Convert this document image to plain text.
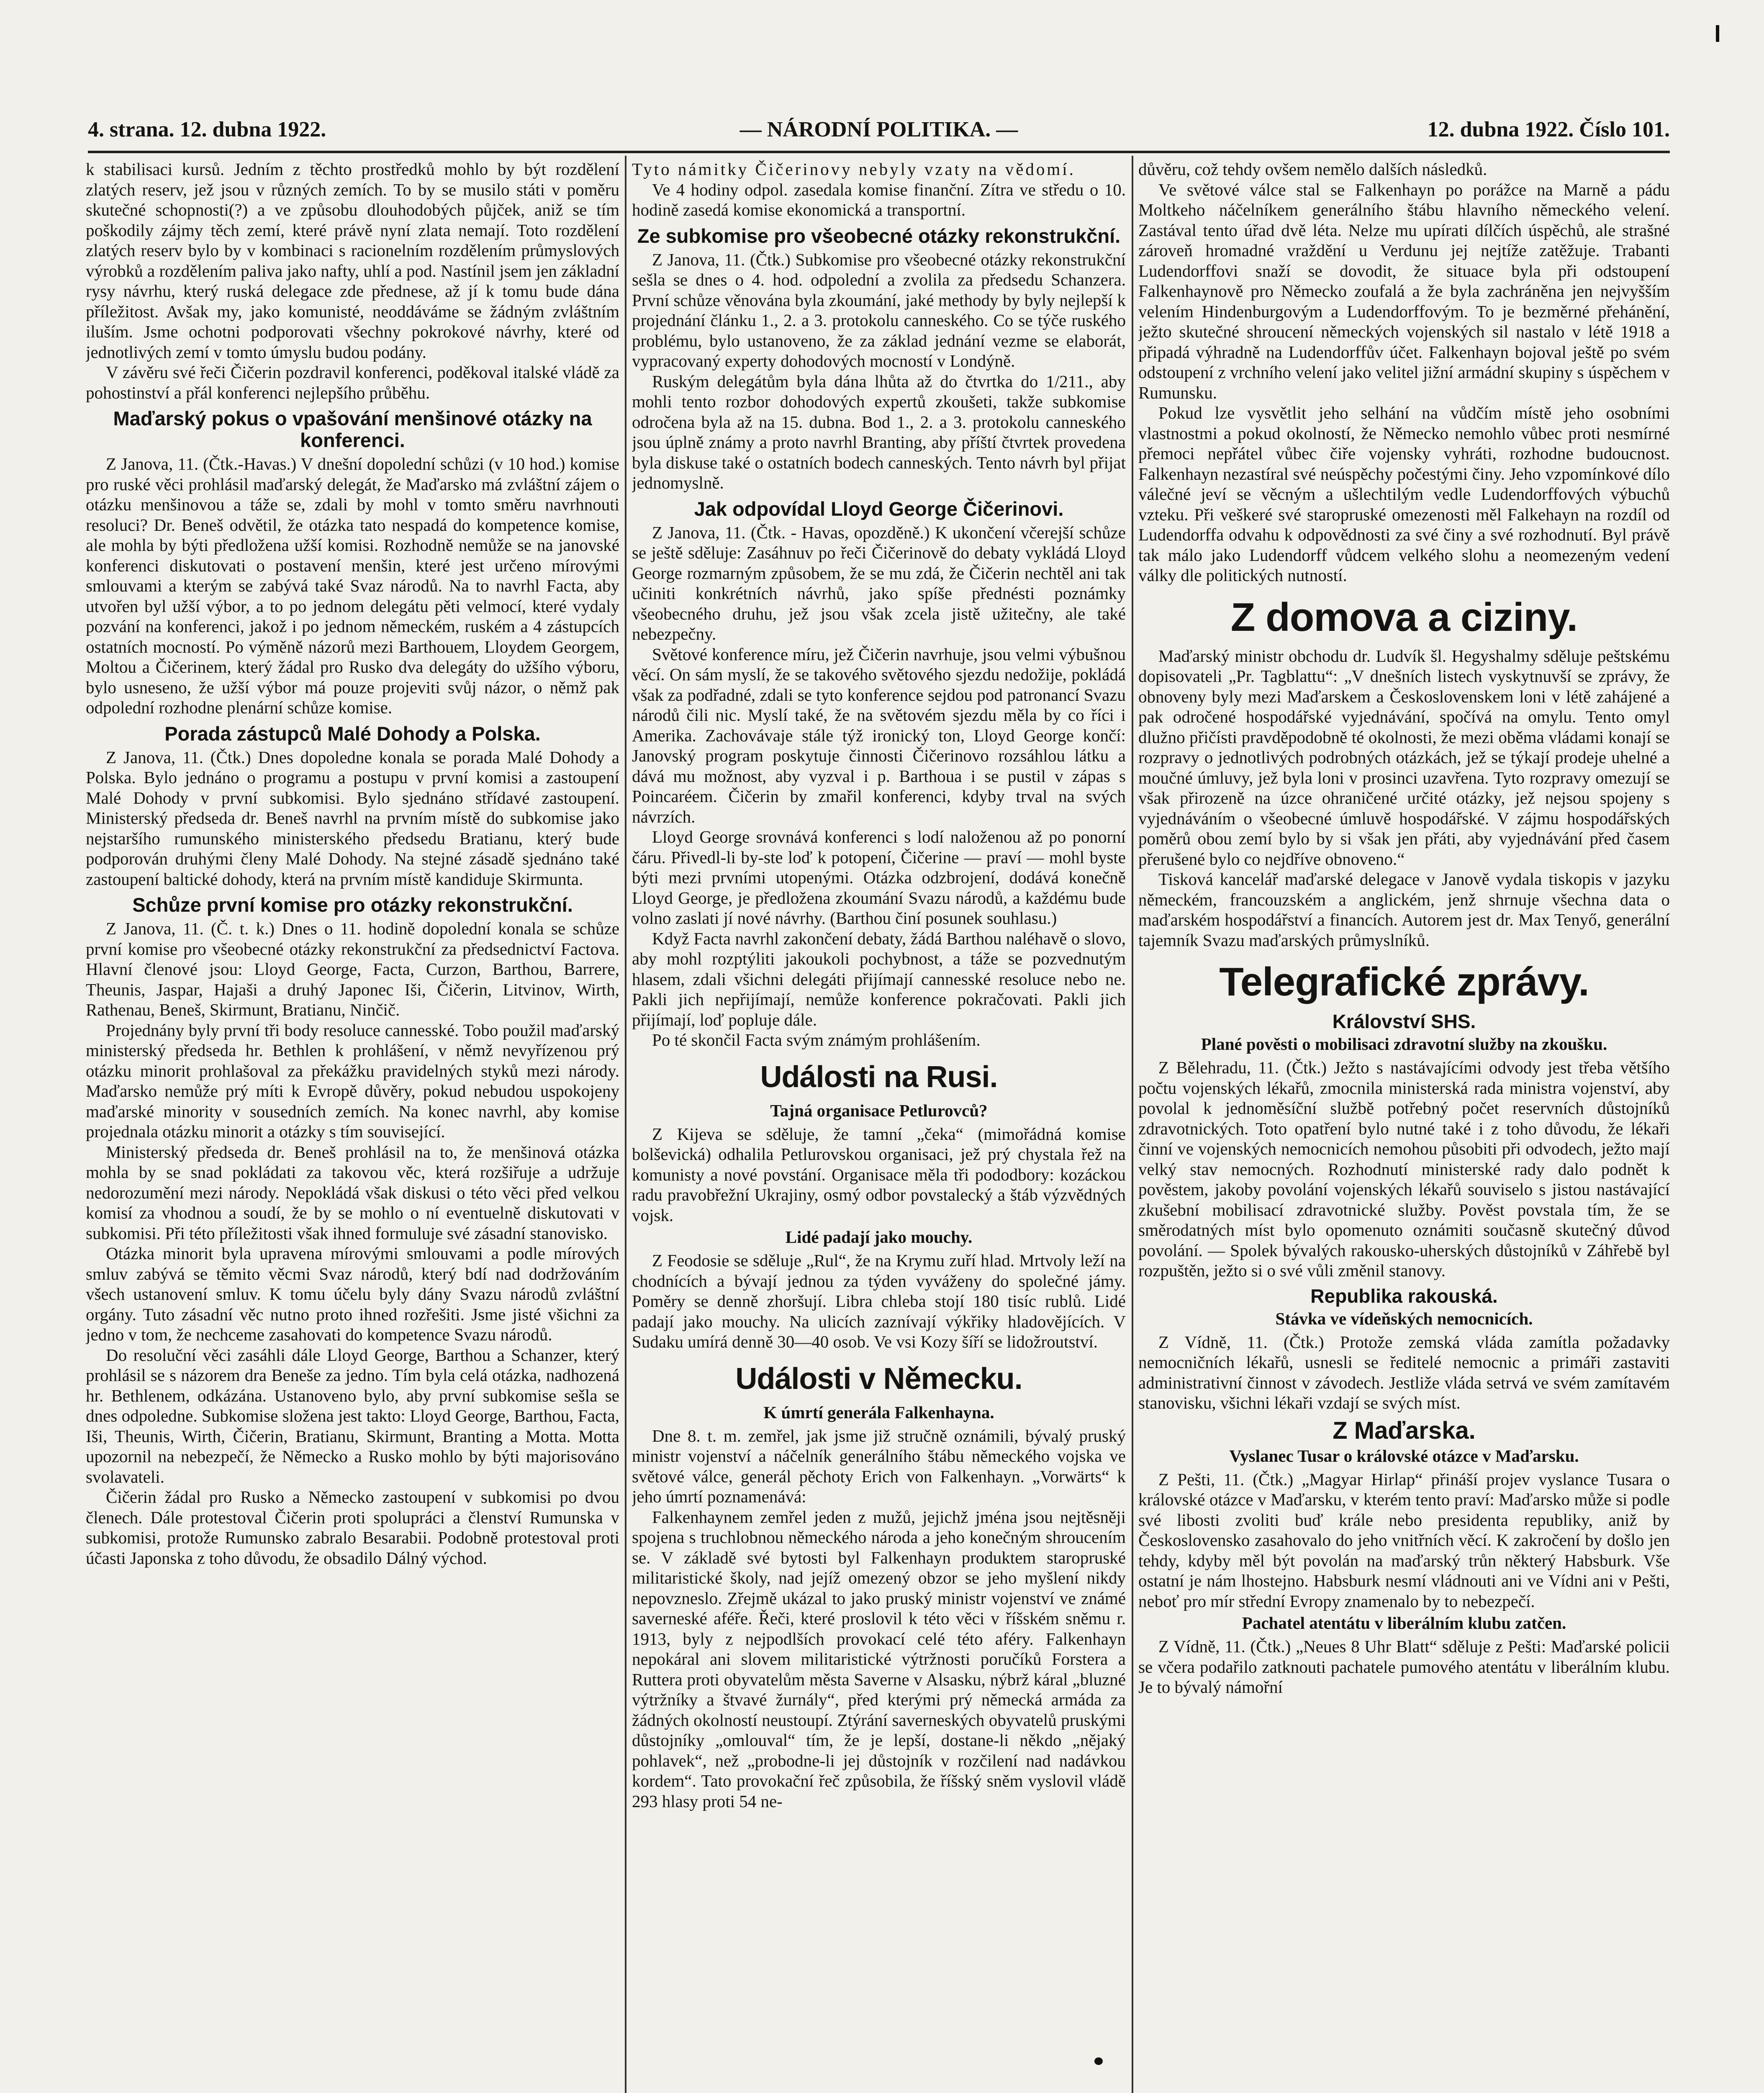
4. strana. 12. dubna 1922.	— NÁRODNÍ POLITIKA. —	12. dubna 1922. Číslo 101.

k stabilisaci kursů. Jedním z těchto prostředků mohlo by být rozdělení zlatých reserv, jež jsou v různých zemích. To by se musilo státi v poměru skutečné schopnosti(?) a ve způsobu dlouhodobých půjček, aniž se tím poškodily zájmy těch zemí, které právě nyní zlata nemají. Toto rozdělení zlatých reserv bylo by v kombinaci s racionelním rozdělením průmyslových výrobků a rozdělením paliva jako nafty, uhlí a pod. Nastínil jsem jen základní rysy návrhu, který ruská delegace zde přednese, až jí k tomu bude dána příležitost. Avšak my, jako komunisté, neoddáváme se žádným zvláštním iluším. Jsme ochotni podporovati všechny pokrokové návrhy, které od jednotlivých zemí v tomto úmyslu budou podány.

V závěru své řeči Čičerin pozdravil konferenci, poděkoval italské vládě za pohostinství a přál konferenci nejlepšího průběhu.

Maďarský pokus o vpašování menšinové otázky na konferenci.

Z Janova, 11. (Čtk.-Havas.) V dnešní dopolední schůzi (v 10 hod.) komise pro ruské věci prohlásil maďarský delegát, že Maďarsko má zvláštní zájem o otázku menšinovou a táže se, zdali by mohl v tomto směru navrhnouti resoluci? Dr. Beneš odvětil, že otázka tato nespadá do kompetence komise, ale mohla by býti předložena užší komisi. Rozhodně nemůže se na janovské konferenci diskutovati o postavení menšin, které jest určeno mírovými smlouvami a kterým se zabývá také Svaz národů. Na to navrhl Facta, aby utvořen byl užší výbor, a to po jednom delegátu pěti velmocí, které vydaly pozvání na konferenci, jakož i po jednom německém, ruském a 4 zástupcích ostatních mocností. Po výměně názorů mezi Barthouem, Lloydem Georgem, Moltou a Čičerinem, který žádal pro Rusko dva delegáty do užšího výboru, bylo usneseno, že užší výbor má pouze projeviti svůj názor, o němž pak odpolední rozhodne plenární schůze komise.

Porada zástupců Malé Dohody a Polska.

Z Janova, 11. (Čtk.) Dnes dopoledne konala se porada Malé Dohody a Polska. Bylo jednáno o programu a postupu v první komisi a zastoupení Malé Dohody v první subkomisi. Bylo sjednáno střídavé zastoupení. Ministerský předseda dr. Beneš navrhl na prvním místě do subkomise jako nejstaršího rumunského ministerského předsedu Bratianu, který bude podporován druhými členy Malé Dohody. Na stejné zásadě sjednáno také zastoupení baltické dohody, která na prvním místě kandiduje Skirmunta.

Schůze první komise pro otázky rekonstrukční.

Z Janova, 11. (Č. t. k.) Dnes o 11. hodině dopolední konala se schůze první komise pro všeobecné otázky rekonstrukční za předsednictví Factova. Hlavní členové jsou: Lloyd George, Facta, Curzon, Barthou, Barrere, Theunis, Jaspar, Hajaši a druhý Japonec Iši, Čičerin, Litvinov, Wirth, Rathenau, Beneš, Skirmunt, Bratianu, Ninčič.

Projednány byly první tři body resoluce cannesské. Tobo použil maďarský ministerský předseda hr. Bethlen k prohlášení, v němž nevyřízenou prý otázku minorit prohlašoval za překážku pravidelných styků mezi národy. Maďarsko nemůže prý míti k Evropě důvěry, pokud nebudou uspokojeny maďarské minority v sousedních zemích. Na konec navrhl, aby komise projednala otázku minorit a otázky s tím související.

Ministerský předseda dr. Beneš prohlásil na to, že menšinová otázka mohla by se snad pokládati za takovou věc, která rozšiřuje a udržuje nedorozumění mezi národy. Nepokládá však diskusi o této věci před velkou komisí za vhodnou a soudí, že by se mohlo o ní eventuelně diskutovati v subkomisi. Při této příležitosti však ihned formuluje své zásadní stanovisko.

Otázka minorit byla upravena mírovými smlouvami a podle mírových smluv zabývá se těmito věcmi Svaz národů, který bdí nad dodržováním všech ustanovení smluv. K tomu účelu byly dány Svazu národů zvláštní orgány. Tuto zásadní věc nutno proto ihned rozřešiti. Jsme jisté všichni za jedno v tom, že nechceme zasahovati do kompetence Svazu národů.

Do resoluční věci zasáhli dále Lloyd George, Barthou a Schanzer, který prohlásil se s názorem dra Beneše za jedno. Tím byla celá otázka, nadhozená hr. Bethlenem, odkázána. Ustanoveno bylo, aby první subkomise sešla se dnes odpoledne. Subkomise složena jest takto: Lloyd George, Barthou, Facta, Iši, Theunis, Wirth, Čičerin, Bratianu, Skirmunt, Branting a Motta. Motta upozornil na nebezpečí, že Německo a Rusko mohlo by býti majorisováno svolavateli.

Čičerin žádal pro Rusko a Německo zastoupení v subkomisi po dvou členech. Dále protestoval Čičerin proti spolupráci a členství Rumunska v subkomisi, protože Rumunsko zabralo Besarabii. Podobně protestoval proti účasti Japonska z toho důvodu, že obsadilo Dálný východ.

Tyto námitky Čičerinovy nebyly vzaty na vědomí.

Ve 4 hodiny odpol. zasedala komise finanční. Zítra ve středu o 10. hodině zasedá komise ekonomická a transportní.

Ze subkomise pro všeobecné otázky rekonstrukční.

Z Janova, 11. (Čtk.) Subkomise pro všeobecné otázky rekonstrukční sešla se dnes o 4. hod. odpolední a zvolila za předsedu Schanzera. První schůze věnována byla zkoumání, jaké methody by byly nejlepší k projednání článku 1., 2. a 3. protokolu canneského. Co se týče ruského problému, bylo ustanoveno, že za základ jednání vezme se elaborát, vypracovaný experty dohodových mocností v Londýně.

Ruským delegátům byla dána lhůta až do čtvrtka do 1/211., aby mohli tento rozbor dohodových expertů zkoušeti, takže subkomise odročena byla až na 15. dubna. Bod 1., 2. a 3. protokolu canneského jsou úplně známy a proto navrhl Branting, aby příští čtvrtek provedena byla diskuse také o ostatních bodech canneských. Tento návrh byl přijat jednomyslně.

Jak odpovídal Lloyd George Čičerinovi.

Z Janova, 11. (Čtk. - Havas, opozděně.) K ukončení včerejší schůze se ještě sděluje: Zasáhnuv po řeči Čičerinově do debaty vykládá Lloyd George rozmarným způsobem, že se mu zdá, že Čičerin nechtěl ani tak učiniti konkrétních návrhů, jako spíše přednésti poznámky všeobecného druhu, jež jsou však zcela jistě užitečny, ale také nebezpečny.

Světové konference míru, jež Čičerin navrhuje, jsou velmi výbušnou věcí. On sám myslí, že se takového světového sjezdu nedožije, pokládá však za podřadné, zdali se tyto konference sejdou pod patronancí Svazu národů čili nic. Myslí také, že na světovém sjezdu měla by co říci i Amerika. Zachovávaje stále týž ironický ton, Lloyd George končí: Janovský program poskytuje činnosti Čičerinovo rozsáhlou látku a dává mu možnost, aby vyzval i p. Barthoua i se pustil v zápas s Poincaréem. Čičerin by zmařil konferenci, kdyby trval na svých návrzích.

Lloyd George srovnává konferenci s lodí naloženou až po ponorní čáru. Přivedl-li by-ste loď k potopení, Čičerine — praví — mohl byste býti mezi prvními utopenými. Otázka odzbrojení, dodává konečně Lloyd George, je předložena zkoumání Svazu národů, a každému bude volno zaslati jí nové návrhy. (Barthou činí posunek souhlasu.)

Když Facta navrhl zakončení debaty, žádá Barthou naléhavě o slovo, aby mohl rozptýliti jakoukoli pochybnost, a táže se pozvednutým hlasem, zdali všichni delegáti přijímají cannesské resoluce nebo ne. Pakli jich nepřijímají, nemůže konference pokračovati. Pakli jich přijímají, loď popluje dále.

Po té skončil Facta svým známým prohlášením.

Události na Rusi.
Tajná organisace Petlurovců?

Z Kijeva se sděluje, že tamní „čeka“ (mimořádná komise bolševická) odhalila Petlurovskou organisaci, jež prý chystala řež na komunisty a nové povstání. Organisace měla tři pododbory: kozáckou radu pravobřežní Ukrajiny, osmý odbor povstalecký a štáb výzvědných vojsk.

Lidé padají jako mouchy.

Z Feodosie se sděluje „Rul“, že na Krymu zuří hlad. Mrtvoly leží na chodnících a bývají jednou za týden vyváženy do společné jámy. Poměry se denně zhoršují. Libra chleba stojí 180 tisíc rublů. Lidé padají jako mouchy. Na ulicích zaznívají výkřiky hladovějících. V Sudaku umírá denně 30—40 osob. Ve vsi Kozy šíří se lidožroutství.

Události v Německu.
K úmrtí generála Falkenhayna.

Dne 8. t. m. zemřel, jak jsme již stručně oznámili, bývalý pruský ministr vojenství a náčelník generálního štábu německého vojska ve světové válce, generál pěchoty Erich von Falkenhayn. „Vorwärts“ k jeho úmrtí poznamenává:

Falkenhaynem zemřel jeden z mužů, jejichž jména jsou nejtěsněji spojena s truchlobnou německého národa a jeho konečným shroucením se. V základě své bytosti byl Falkenhayn produktem staropruské militaristické školy, nad jejíž omezený obzor se jeho myšlení nikdy nepovzneslo. Zřejmě ukázal to jako pruský ministr vojenství ve známé saverneské aféře. Řeči, které proslovil k této věci v říšském sněmu r. 1913, byly z nejpodlších provokací celé této aféry. Falkenhayn nepokáral ani slovem militaristické výtržnosti poručíků Forstera a Ruttera proti obyvatelům města Saverne v Alsasku, nýbrž káral „bluzné výtržníky a štvavé žurnály“, před kterými prý německá armáda za žádných okolností neustoupí. Ztýrání saverneských obyvatelů pruskými důstojníky „omlouval“ tím, že je lepší, dostane-li někdo „nějaký pohlavek“, než „probodne-li jej důstojník v rozčilení nad nadávkou kordem“. Tato provokační řeč způsobila, že říšský sněm vyslovil vládě 293 hlasy proti 54 ne-

důvěru, což tehdy ovšem nemělo dalších následků.

Ve světové válce stal se Falkenhayn po porážce na Marně a pádu Moltkeho náčelníkem generálního štábu hlavního německého velení. Zastával tento úřad dvě léta. Nelze mu upírati dílčích úspěchů, ale strašné zároveň hromadné vraždění u Verdunu jej nejtíže zatěžuje. Trabanti Ludendorffovi snaží se dovodit, že situace byla při odstoupení Falkenhaynově pro Německo zoufalá a že byla zachráněna jen nejvyšším velením Hindenburgovým a Ludendorffovým. To je bezměrné přehánění, ježto skutečné shroucení německých vojenských sil nastalo v létě 1918 a připadá výhradně na Ludendorffův účet. Falkenhayn bojoval ještě po svém odstoupení z vrchního velení jako velitel jižní armádní skupiny s úspěchem v Rumunsku.

Pokud lze vysvětlit jeho selhání na vůdčím místě jeho osobními vlastnostmi a pokud okolností, že Německo nemohlo vůbec proti nesmírné přemoci nepřátel vůbec čiře vojensky vyhráti, rozhodne budoucnost. Falkenhayn nezastíral své neúspěchy počestými činy. Jeho vzpomínkové dílo válečné jeví se věcným a ušlechtilým vedle Ludendorffových výbuchů vzteku. Při veškeré své staropruské omezenosti měl Falkehayn na rozdíl od Ludendorffa odvahu k odpovědnosti za své činy a své rozhodnutí. Byl právě tak málo jako Ludendorff vůdcem velkého slohu a neomezeným vedení války dle politických nutností.

Z domova a ciziny.

Maďarský ministr obchodu dr. Ludvík šl. Hegyshalmy sděluje peštskému dopisovateli „Pr. Tagblattu“: „V dnešních listech vyskytnuvší se zprávy, že obnoveny byly mezi Maďarskem a Československem loni v létě zahájené a pak odročené hospodářské vyjednávání, spočívá na omylu. Tento omyl dlužno přičísti pravděpodobně té okolnosti, že mezi oběma vládami konají se rozpravy o jednotlivých podrobných otázkách, jež se týkají prodeje uhelné a moučné úmluvy, jež byla loni v prosinci uzavřena. Tyto rozpravy omezují se však přirozeně na úzce ohraničené určité otázky, jež nejsou spojeny s vyjednáváním o všeobecné úmluvě hospodářské. V zájmu hospodářských poměrů obou zemí bylo by si však jen přáti, aby vyjednávání před časem přerušené bylo co nejdříve obnoveno.“

Tisková kancelář maďarské delegace v Janově vydala tiskopis v jazyku německém, francouzském a anglickém, jenž shrnuje všechna data o maďarském hospodářství a financích. Autorem jest dr. Max Tenyő, generální tajemník Svazu maďarských průmyslníků.

Telegrafické zprávy.
Království SHS.
Plané pověsti o mobilisaci zdravotní služby na zkoušku.

Z Bělehradu, 11. (Čtk.) Ježto s nastávajícími odvody jest třeba většího počtu vojenských lékařů, zmocnila ministerská rada ministra vojenství, aby povolal k jednoměsíční službě potřebný počet reservních důstojníků zdravotnických. Toto opatření bylo nutné také i z toho důvodu, že lékaři činní ve vojenských nemocnicích nemohou působiti při odvodech, ježto mají velký stav nemocných. Rozhodnutí ministerské rady dalo podnět k pověstem, jakoby povolání vojenských lékařů souviselo s jistou nastávající zkušební mobilisací zdravotnické služby. Pověst povstala tím, že se směrodatných míst bylo opomenuto oznámiti současně skutečný důvod povolání. — Spolek bývalých rakousko-uherských důstojníků v Záhřebě byl rozpuštěn, ježto si o své vůli změnil stanovy.

Republika rakouská.
Stávka ve vídeňských nemocnicích.

Z Vídně, 11. (Čtk.) Protože zemská vláda zamítla požadavky nemocničních lékařů, usnesli se ředitelé nemocnic a primáři zastaviti administrativní činnost v závodech. Jestliže vláda setrvá ve svém zamítavém stanovisku, všichni lékaři vzdají se svých míst.

Z Maďarska.
Vyslanec Tusar o královské otázce v Maďarsku.

Z Pešti, 11. (Čtk.) „Magyar Hirlap“ přináší projev vyslance Tusara o královské otázce v Maďarsku, v kterém tento praví: Maďarsko může si podle své libosti zvoliti buď krále nebo presidenta republiky, aniž by Československo zasahovalo do jeho vnitřních věcí. K zakročení by došlo jen tehdy, kdyby měl být povolán na maďarský trůn některý Habsburk. Vše ostatní je nám lhostejno. Habsburk nesmí vládnouti ani ve Vídni ani v Pešti, neboť pro mír střední Evropy znamenalo by to nebezpečí.

Pachatel atentátu v liberálním klubu zatčen.

Z Vídně, 11. (Čtk.) „Neues 8 Uhr Blatt“ sděluje z Pešti: Maďarské policii se včera podařilo zatknouti pachatele pumového atentátu v liberálním klubu. Je to bývalý námořní
